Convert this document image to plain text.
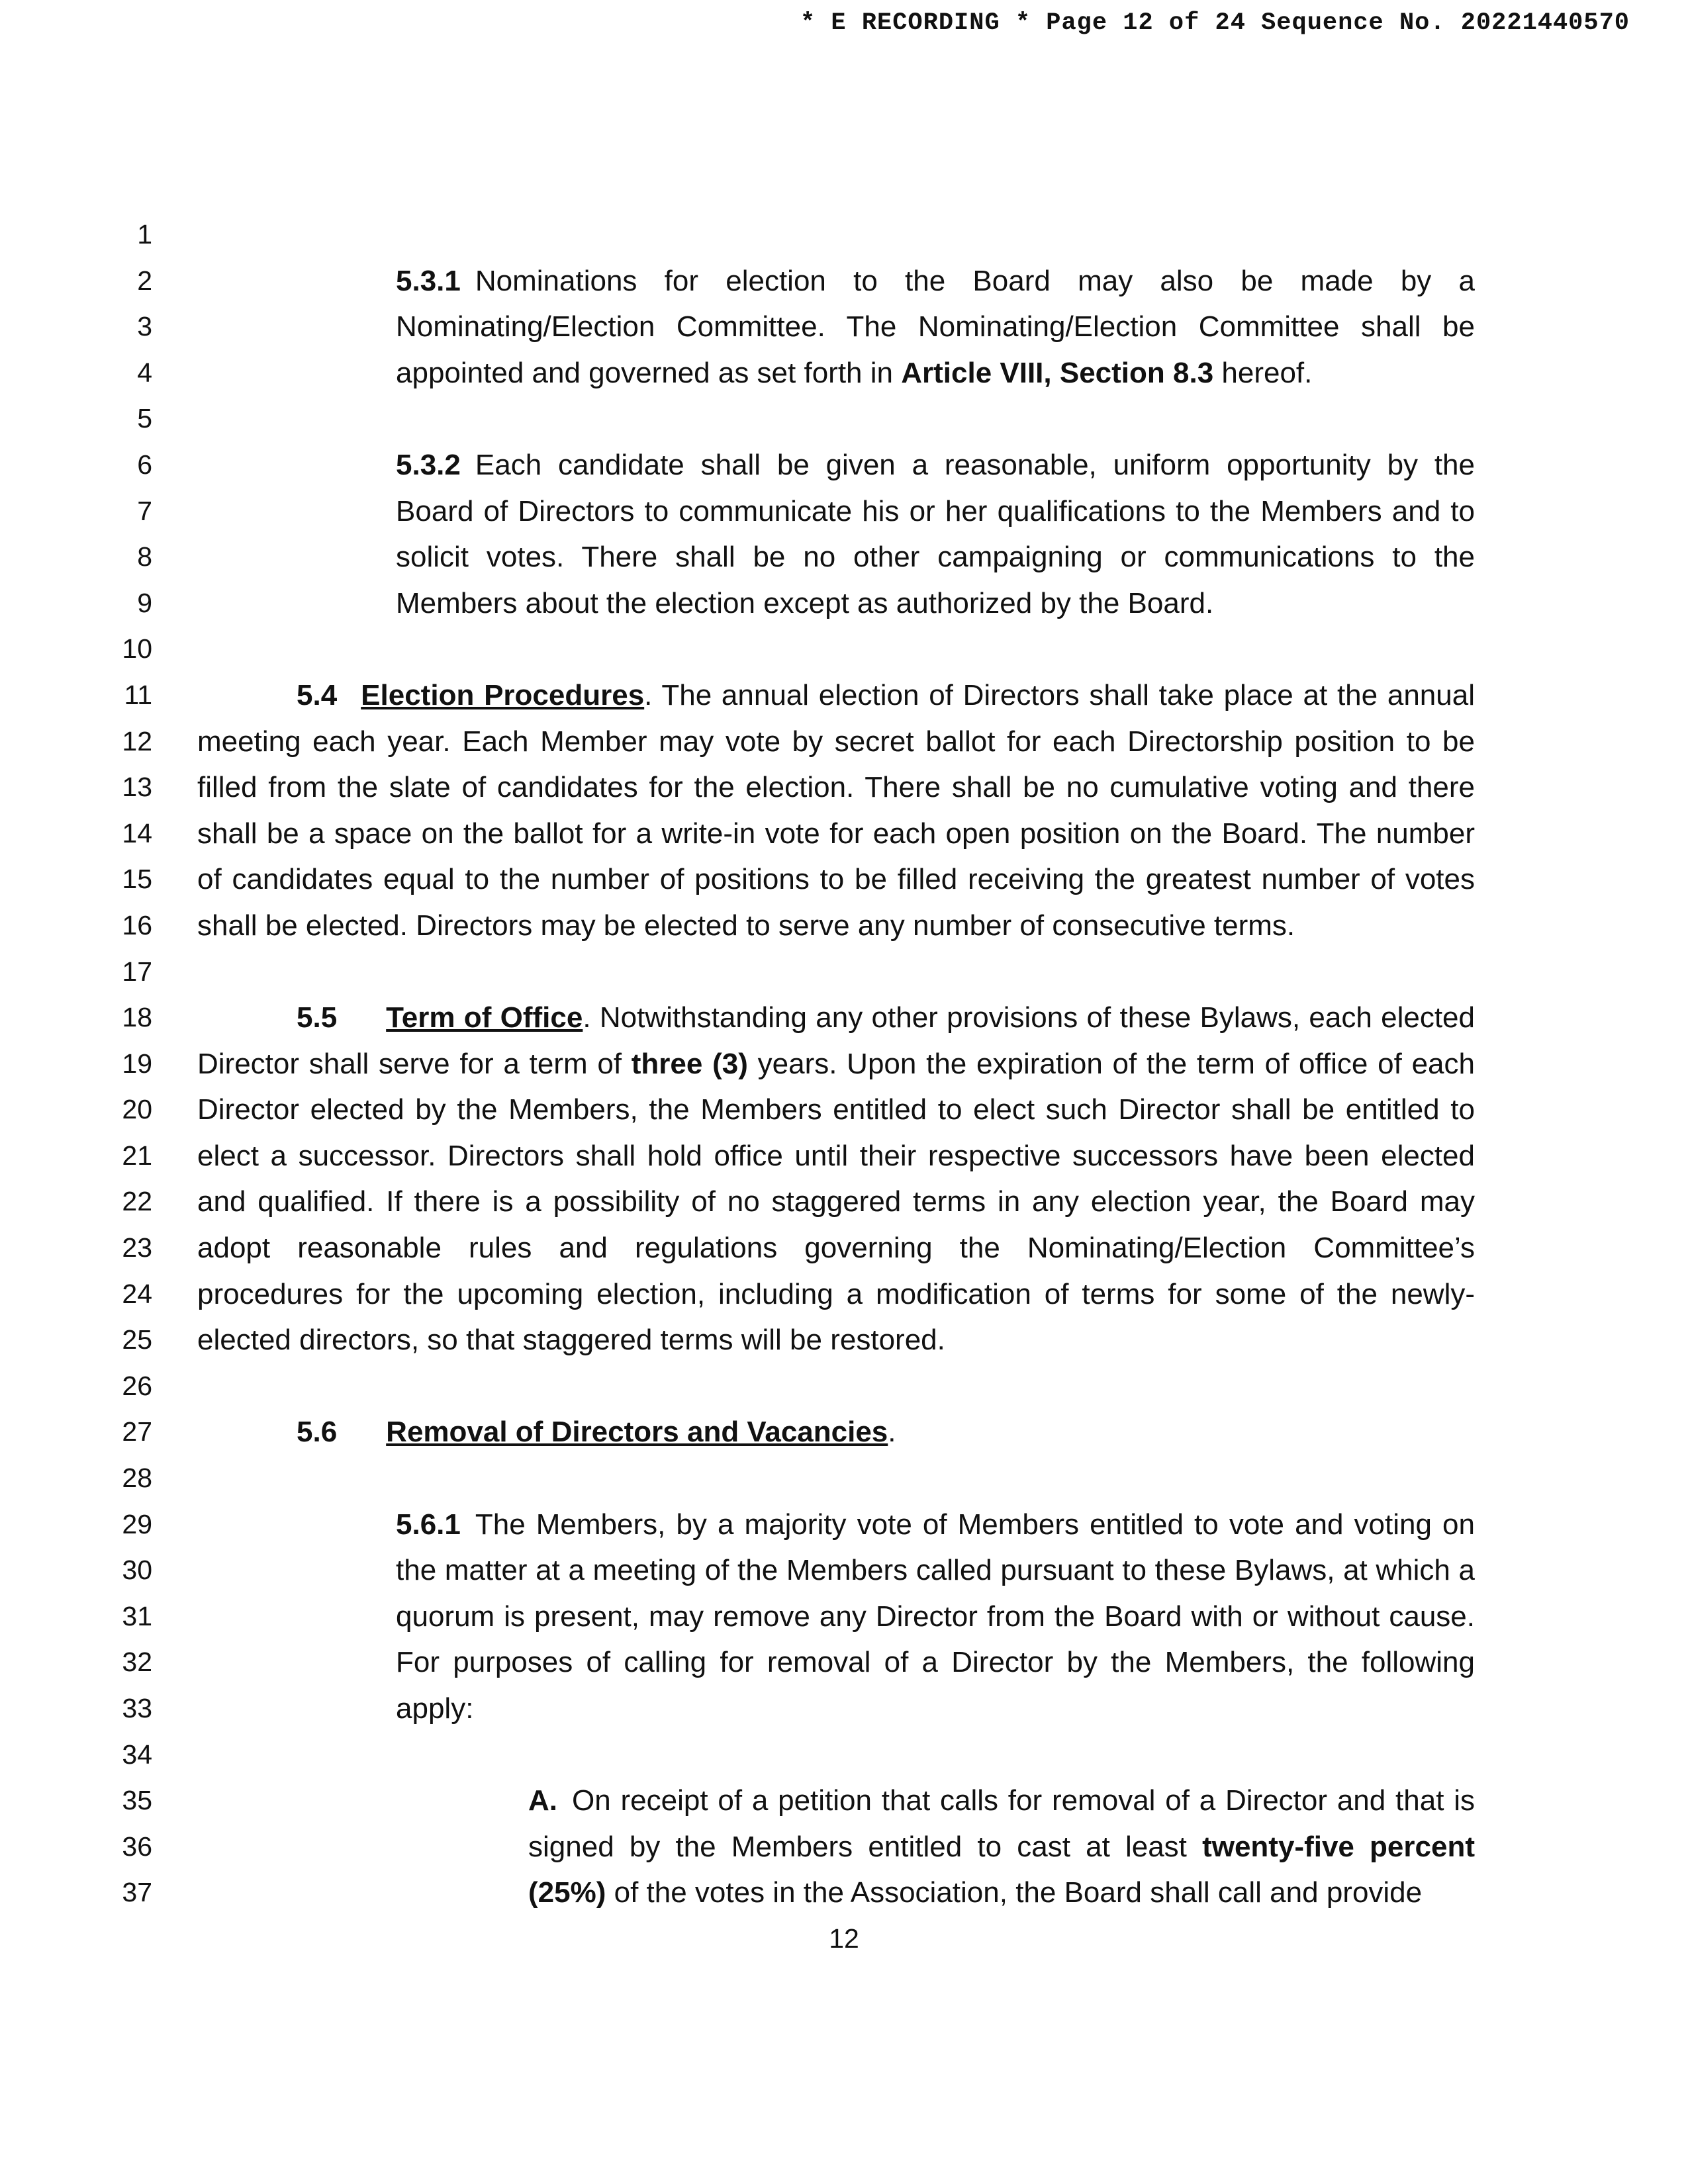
* E RECORDING * Page 12 of 24 Sequence No. 20221440570
1
2
3
4
5
6
7
8
9
10
11
12
13
14
15
16
17
18
19
20
21
22
23
24
25
26
27
28
29
30
31
32
33
34
35
36
37

5.3.1 Nominations for election to the Board may also be made by a Nominating/Election Committee. The Nominating/Election Committee shall be appointed and governed as set forth in Article VIII, Section 8.3 hereof.

5.3.2 Each candidate shall be given a reasonable, uniform opportunity by the Board of Directors to communicate his or her qualifications to the Members and to solicit votes. There shall be no other campaigning or communications to the Members about the election except as authorized by the Board.

5.4 Election Procedures. The annual election of Directors shall take place at the annual meeting each year. Each Member may vote by secret ballot for each Directorship position to be filled from the slate of candidates for the election. There shall be no cumulative voting and there shall be a space on the ballot for a write-in vote for each open position on the Board. The number of candidates equal to the number of positions to be filled receiving the greatest number of votes shall be elected. Directors may be elected to serve any number of consecutive terms.

5.5 Term of Office. Notwithstanding any other provisions of these Bylaws, each elected Director shall serve for a term of three (3) years. Upon the expiration of the term of office of each Director elected by the Members, the Members entitled to elect such Director shall be entitled to elect a successor. Directors shall hold office until their respective successors have been elected and qualified. If there is a possibility of no staggered terms in any election year, the Board may adopt reasonable rules and regulations governing the Nominating/Election Committee’s procedures for the upcoming election, including a modification of terms for some of the newly-elected directors, so that staggered terms will be restored.

5.6 Removal of Directors and Vacancies.

5.6.1 The Members, by a majority vote of Members entitled to vote and voting on the matter at a meeting of the Members called pursuant to these Bylaws, at which a quorum is present, may remove any Director from the Board with or without cause. For purposes of calling for removal of a Director by the Members, the following apply:

A. On receipt of a petition that calls for removal of a Director and that is signed by the Members entitled to cast at least twenty-five percent (25%) of the votes in the Association, the Board shall call and provide

12
